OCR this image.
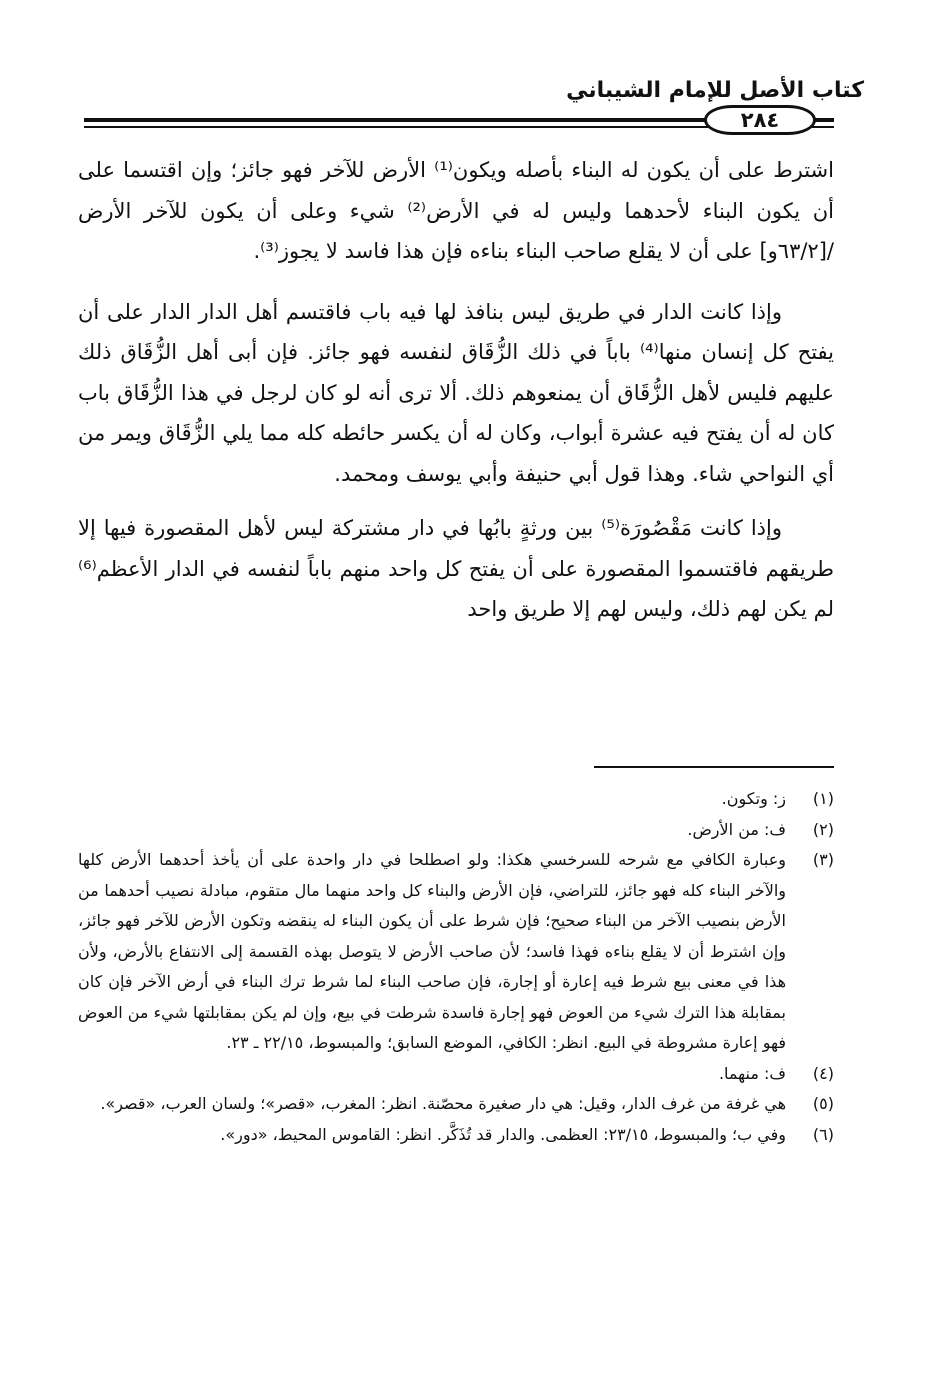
كتاب الأصل للإمام الشيباني
٢٨٤

اشترط على أن يكون له البناء بأصله ويكون⁽¹⁾ الأرض للآخر فهو جائز؛ وإن اقتسما على أن يكون البناء لأحدهما وليس له في الأرض⁽²⁾ شيء وعلى أن يكون للآخر الأرض /[٦٣/٢و] على أن لا يقلع صاحب البناء بناءه فإن هذا فاسد لا يجوز⁽³⁾.

وإذا كانت الدار في طريق ليس بنافذ لها فيه باب فاقتسم أهل الدار الدار على أن يفتح كل إنسان منها⁽⁴⁾ باباً في ذلك الزُّقَاق لنفسه فهو جائز. فإن أبى أهل الزُّقَاق ذلك عليهم فليس لأهل الزُّقَاق أن يمنعوهم ذلك. ألا ترى أنه لو كان لرجل في هذا الزُّقَاق باب كان له أن يفتح فيه عشرة أبواب، وكان له أن يكسر حائطه كله مما يلي الزُّقَاق ويمر من أي النواحي شاء. وهذا قول أبي حنيفة وأبي يوسف ومحمد.

وإذا كانت مَقْصُورَة⁽⁵⁾ بين ورثةٍ بابُها في دار مشتركة ليس لأهل المقصورة فيها إلا طريقهم فاقتسموا المقصورة على أن يفتح كل واحد منهم باباً لنفسه في الدار الأعظم⁽⁶⁾ لم يكن لهم ذلك، وليس لهم إلا طريق واحد

(١)

ز: وتكون.

(٢)

ف: من الأرض.

(٣)

وعبارة الكافي مع شرحه للسرخسي هكذا: ولو اصطلحا في دار واحدة على أن يأخذ أحدهما الأرض كلها والآخر البناء كله فهو جائز، للتراضي، فإن الأرض والبناء كل واحد منهما مال متقوم، مبادلة نصيب أحدهما من الأرض بنصيب الآخر من البناء صحيح؛ فإن شرط على أن يكون البناء له ينقضه وتكون الأرض للآخر فهو جائز، وإن اشترط أن لا يقلع بناءه فهذا فاسد؛ لأن صاحب الأرض لا يتوصل بهذه القسمة إلى الانتفاع بالأرض، ولأن هذا في معنى بيع شرط فيه إعارة أو إجارة، فإن صاحب البناء لما شرط ترك البناء في أرض الآخر فإن كان بمقابلة هذا الترك شيء من العوض فهو إجارة فاسدة شرطت في بيع، وإن لم يكن بمقابلتها شيء من العوض فهو إعارة مشروطة في البيع. انظر: الكافي، الموضع السابق؛ والمبسوط، ٢٢/١٥ ـ ٢٣.

(٤)

ف: منهما.

(٥)

هي غرفة من غرف الدار، وقيل: هي دار صغيرة محصّنة. انظر: المغرب، «قصر»؛ ولسان العرب، «قصر».

(٦)

وفي ب؛ والمبسوط، ٢٣/١٥: العظمى. والدار قد تُذَكَّر. انظر: القاموس المحيط، «دور».
